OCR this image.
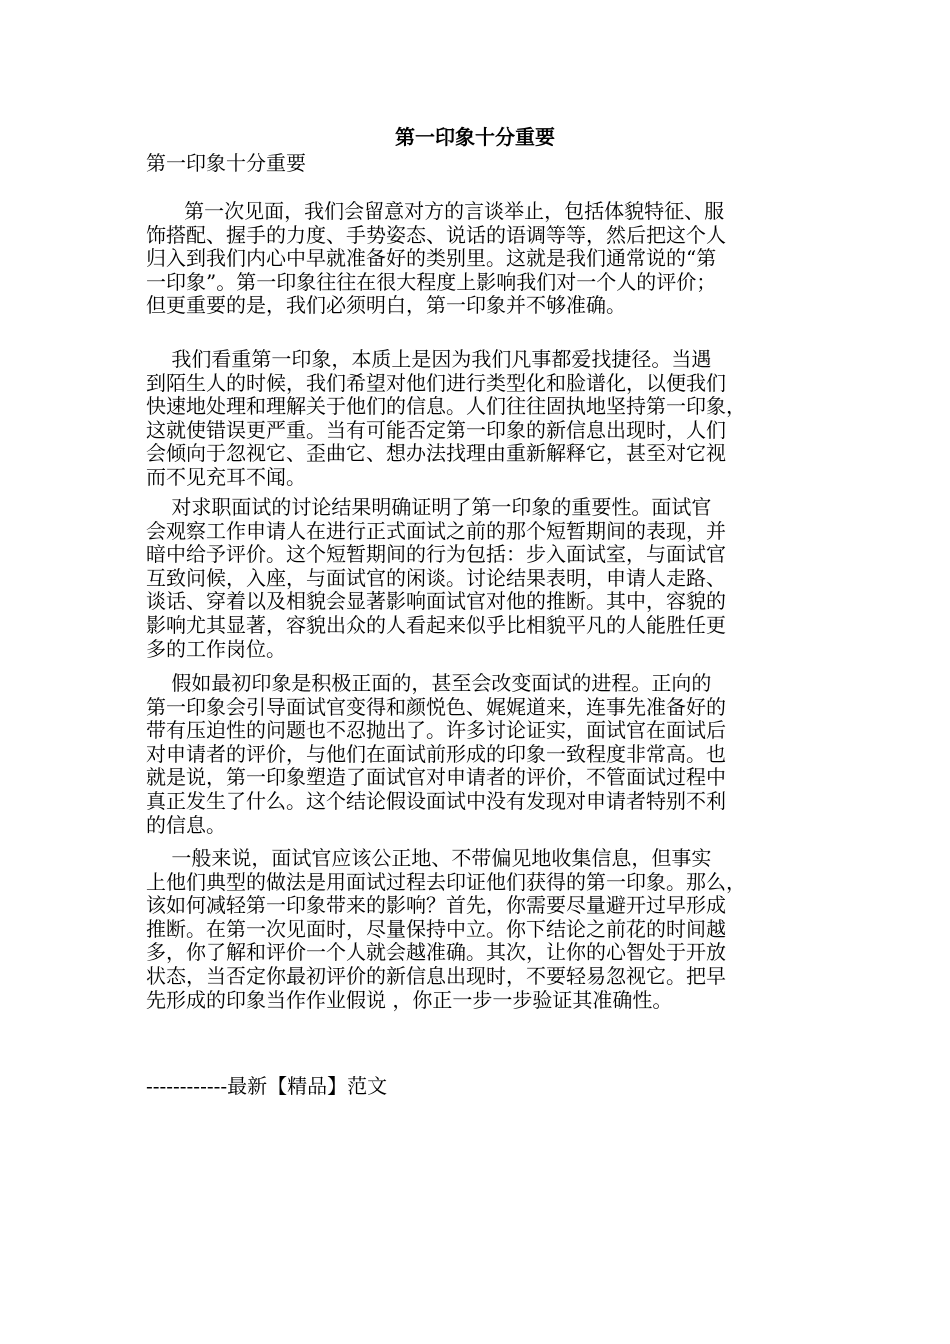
第一印象十分重要
第一印象十分重要
第一次见面，我们会留意对方的言谈举止，包括体貌特征、服
饰搭配、握手的力度、手势姿态、说话的语调等等，然后把这个人
归入到我们内心中早就准备好的类别里。这就是我们通常说的“第
一印象”。第一印象往往在很大程度上影响我们对一个人的评价；
但更重要的是，我们必须明白，第一印象并不够准确。
我们看重第一印象，本质上是因为我们凡事都爱找捷径。当遇
到陌生人的时候，我们希望对他们进行类型化和脸谱化，以便我们
快速地处理和理解关于他们的信息。人们往往固执地坚持第一印象，
这就使错误更严重。当有可能否定第一印象的新信息出现时，人们
会倾向于忽视它、歪曲它、想办法找理由重新解释它，甚至对它视
而不见充耳不闻。
对求职面试的讨论结果明确证明了第一印象的重要性。面试官
会观察工作申请人在进行正式面试之前的那个短暂期间的表现，并
暗中给予评价。这个短暂期间的行为包括：步入面试室，与面试官
互致问候，入座，与面试官的闲谈。讨论结果表明，申请人走路、
谈话、穿着以及相貌会显著影响面试官对他的推断。其中，容貌的
影响尤其显著，容貌出众的人看起来似乎比相貌平凡的人能胜任更
多的工作岗位。
假如最初印象是积极正面的，甚至会改变面试的进程。正向的
第一印象会引导面试官变得和颜悦色、娓娓道来，连事先准备好的
带有压迫性的问题也不忍抛出了。许多讨论证实，面试官在面试后
对申请者的评价，与他们在面试前形成的印象一致程度非常高。也
就是说，第一印象塑造了面试官对申请者的评价，不管面试过程中
真正发生了什么。这个结论假设面试中没有发现对申请者特别不利
的信息。
一般来说，面试官应该公正地、不带偏见地收集信息，但事实
上他们典型的做法是用面试过程去印证他们获得的第一印象。那么，
该如何减轻第一印象带来的影响？首先，你需要尽量避开过早形成
推断。在第一次见面时，尽量保持中立。你下结论之前花的时间越
多，你了解和评价一个人就会越准确。其次，让你的心智处于开放
状态，当否定你最初评价的新信息出现时，不要轻易忽视它。把早
先形成的印象当作作业假说 ，你正一步一步验证其准确性。
------------最新【精品】范文
